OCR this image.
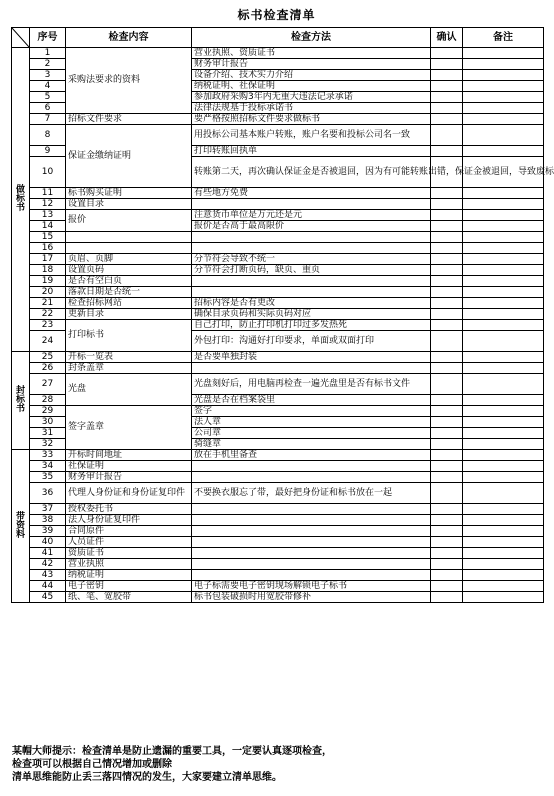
标书检查清单
	序号	检查内容	检查方法	确认	备注
做
标
书	1	采购法要求的资料	营业执照、资质证书		
	2		财务审计报告		
	3		设备介绍、技术实力介绍		
	4		纳税证明、社保证明		
	5		参加政府采购3年内无重大违法记录承诺		
	6		法律法规基于投标承诺书		
	7	招标文件要求	要严格按照招标文件要求做标书		
	8	保证金缴纳证明	用投标公司基本账户转账，账户名要和投标公司名一致		
	9		打印转账回执单		
	10		转账第二天，再次确认保证金是否被退回，因为有可能转账出错，保证金被退回，导致废标		
	11	标书购买证明	有些地方免费		
	12	设置目录			
	13	报价	注意货币单位是万元还是元		
	14		报价是否高于最高限价		
	15				
	16				
	17	页眉、页脚	分节符会导致不统一		
	18	设置页码	分节符会打断页码，缺页、重页		
	19	是否有空白页			
	20	落款日期是否统一			
	21	检查招标网站	招标内容是否有更改		
	22	更新目录	确保目录页码和实际页码对应		
	23	打印标书	自己打印，防止打印机打印过多发热死		
	24		外包打印：沟通好打印要求，单面或双面打印		
封
标
书	25	开标一览表	是否要单独封装		
	26	封条盖章			
	27	光盘	光盘刻好后，用电脑再检查一遍光盘里是否有标书文件		
	28		光盘是否在档案袋里		
	29	签字盖章	签字		
	30		法人章		
	31		公司章		
	32		骑缝章		
带
资
料	33	开标时间地址	放在手机里备查		
	34	社保证明			
	35	财务审计报告			
	36	代理人身份证和身份证复印件	不要换衣服忘了带，最好把身份证和标书放在一起		
	37	授权委托书			
	38	法人身份证复印件			
	39	合同原件			
	40	人员证件			
	41	资质证书			
	42	营业执照			
	43	纳税证明			
	44	电子密钥	电子标需要电子密钥现场解锁电子标书		
	45	纸、笔、宽胶带	标书包装破损时用宽胶带修补		
某帽大师提示：检查清单是防止遗漏的重要工具，一定要认真逐项检查，
检查项可以根据自己情况增加或删除
清单思维能防止丢三落四情况的发生，大家要建立清单思维。
